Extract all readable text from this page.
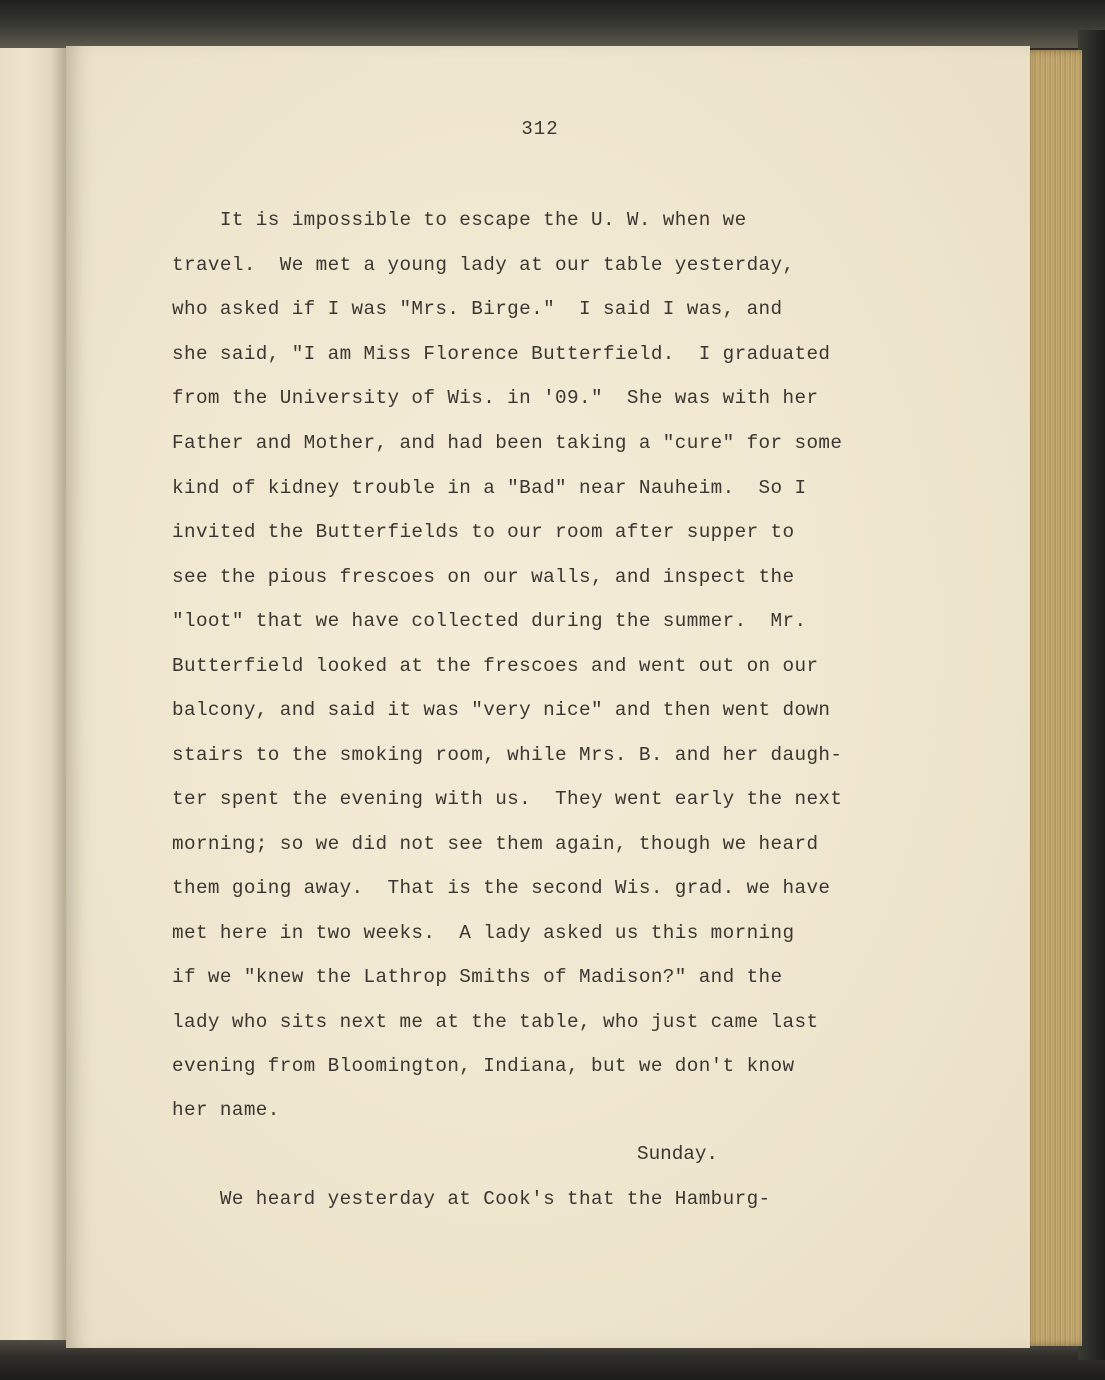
312
It is impossible to escape the U. W. when we
travel.  We met a young lady at our table yesterday,
who asked if I was "Mrs. Birge."  I said I was, and
she said, "I am Miss Florence Butterfield.  I graduated
from the University of Wis. in '09."  She was with her
Father and Mother, and had been taking a "cure" for some
kind of kidney trouble in a "Bad" near Nauheim.  So I
invited the Butterfields to our room after supper to
see the pious frescoes on our walls, and inspect the
"loot" that we have collected during the summer.  Mr.
Butterfield looked at the frescoes and went out on our
balcony, and said it was "very nice" and then went down
stairs to the smoking room, while Mrs. B. and her daugh-
ter spent the evening with us.  They went early the next
morning; so we did not see them again, though we heard
them going away.  That is the second Wis. grad. we have
met here in two weeks.  A lady asked us this morning
if we "knew the Lathrop Smiths of Madison?" and the
lady who sits next me at the table, who just came last
evening from Bloomington, Indiana, but we don't know
her name.
We heard yesterday at Cook's that the Hamburg-
Sunday.
